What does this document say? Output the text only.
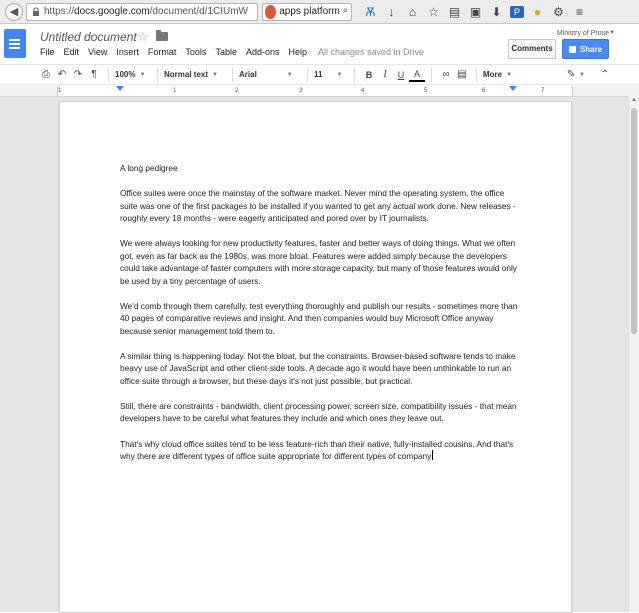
◀	https:// docs.google.com /document/d/1CIUmW	apps platform ⌕	Ѫ	↓	⌂ ☆ ▤ ▣ ⬇	P	● ⚙	≡
Untitled document ☆
File Edit View Insert Format Tools Table Add-ons Help All changes saved in Drive
Ministry of Prose ▼
Comments	Share
⎙ ↶ ↷ ¶	100% ▼ Normal text ▼	Arial	▼	11 ▼	B	I	U	A	∞ ▤	More ▼	✎ ▼	⌃
1	1	2	3	4	5	6	7
A long pedigree
Office suites were once the mainstay of the software market. Never mind the operating system, the office suite was one of the first packages to be installed if you wanted to get any actual work done. New releases - roughly every 18 months - were eagerly anticipated and pored over by IT journalists.
We were always looking for new productivity features, faster and better ways of doing things. What we often got, even as far back as the 1980s, was more bloat. Features were added simply because the developers could take advantage of faster computers with more storage capacity, but many of those features would only be used by a tiny percentage of users.
We'd comb through them carefully, test everything thoroughly and publish our results - sometimes more than 40 pages of comparative reviews and insight. And then companies would buy Microsoft Office anyway because senior management told them to.
A similar thing is happening today. Not the bloat, but the constraints. Browser-based software tends to make heavy use of JavaScript and other client-side tools. A decade ago it would have been unthinkable to run an office suite through a browser, but these days it's not just possible, but practical.
Still, there are constraints - bandwidth, client processing power, screen size, compatibility issues - that mean developers have to be careful what features they include and which ones they leave out.
That's why cloud office suites tend to be less feature-rich than their native, fully-installed cousins. And that's why there are different types of office suite appropriate for different types of company
▲
